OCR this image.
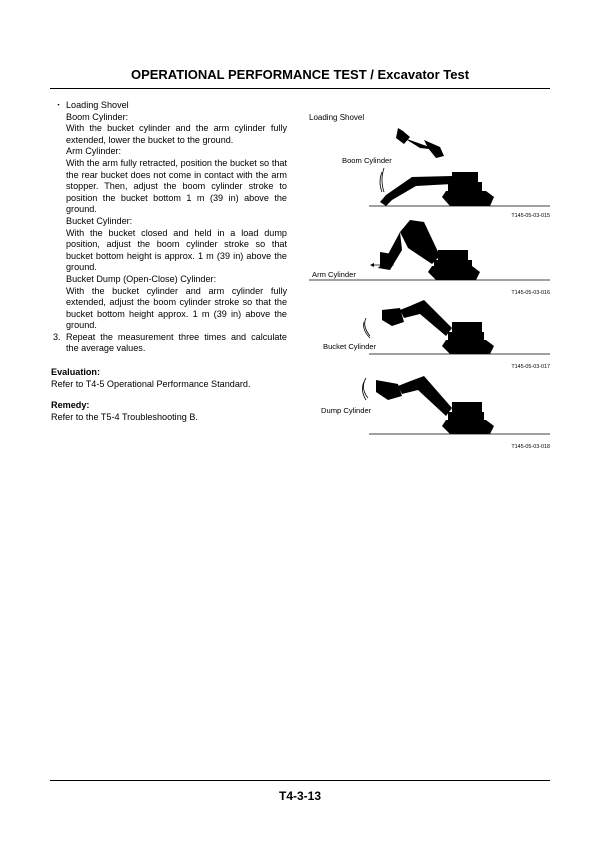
OPERATIONAL PERFORMANCE TEST / Excavator Test
・ Loading Shovel
Boom Cylinder:
With the bucket cylinder and the arm cylinder fully extended, lower the bucket to the ground.
Arm Cylinder:
With the arm fully retracted, position the bucket so that the rear bucket does not come in contact with the arm stopper. Then, adjust the boom cylinder stroke to position the bucket bottom 1 m (39 in) above the ground.
Bucket Cylinder:
With the bucket closed and held in a load dump position, adjust the boom cylinder stroke so that bucket bottom height is approx. 1 m (39 in) above the ground.
Bucket Dump (Open-Close) Cylinder:
With the bucket cylinder and arm cylinder fully extended, adjust the boom cylinder stroke so that the bucket bottom height approx. 1 m (39 in) above the ground.
3. Repeat the measurement three times and calculate the average values.
Evaluation:
Refer to T4-5 Operational Performance Standard.
Remedy:
Refer to the T5-4 Troubleshooting B.
Loading Shovel
Boom Cylinder
T145-05-03-015
Arm Cylinder
T145-05-03-016
Bucket Cylinder
T145-05-03-017
Dump Cylinder
T145-05-03-018
T4-3-13
